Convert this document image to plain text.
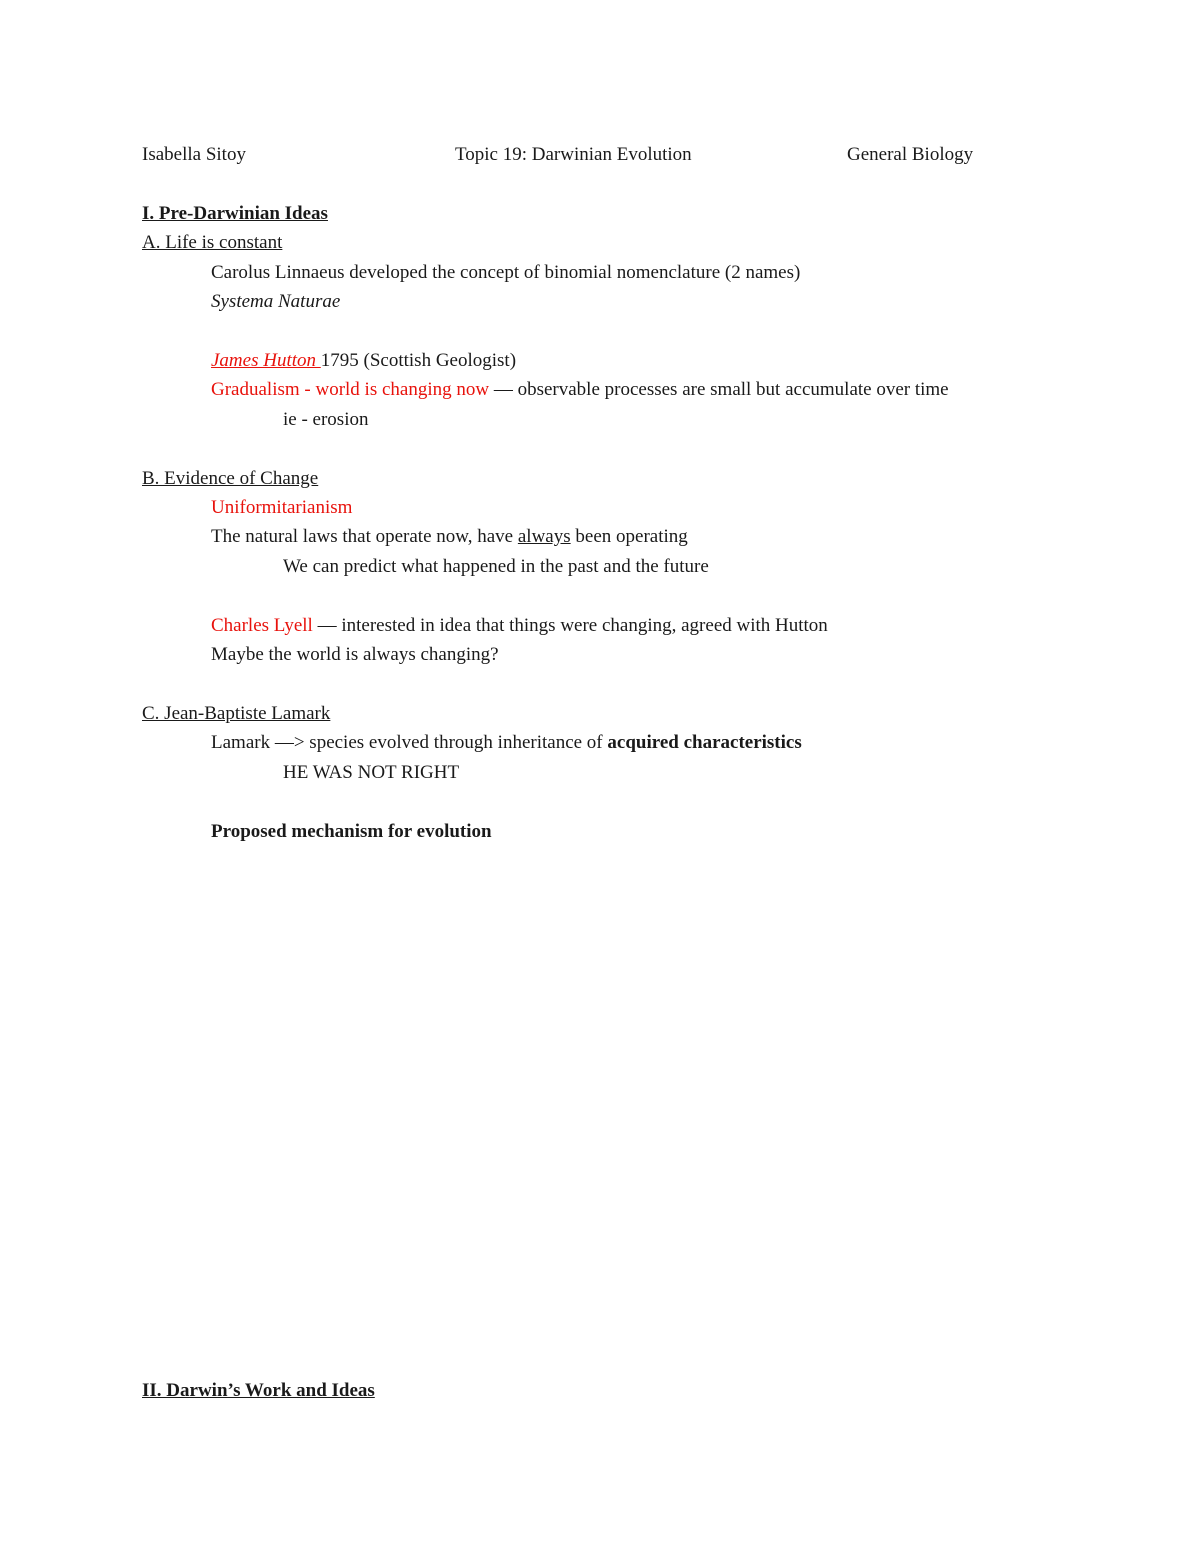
Isabella Sitoy	Topic 19: Darwinian Evolution	General Biology
I. Pre-Darwinian Ideas
A. Life is constant
Carolus Linnaeus developed the concept of binomial nomenclature (2 names)
Systema Naturae
James Hutton 1795 (Scottish Geologist)
Gradualism - world is changing now — observable processes are small but accumulate over time
ie - erosion
B. Evidence of Change
Uniformitarianism
The natural laws that operate now, have always been operating
We can predict what happened in the past and the future
Charles Lyell — interested in idea that things were changing, agreed with Hutton
Maybe the world is always changing?
C. Jean-Baptiste Lamark
Lamark —> species evolved through inheritance of acquired characteristics
HE WAS NOT RIGHT
Proposed mechanism for evolution
II. Darwin’s Work and Ideas
